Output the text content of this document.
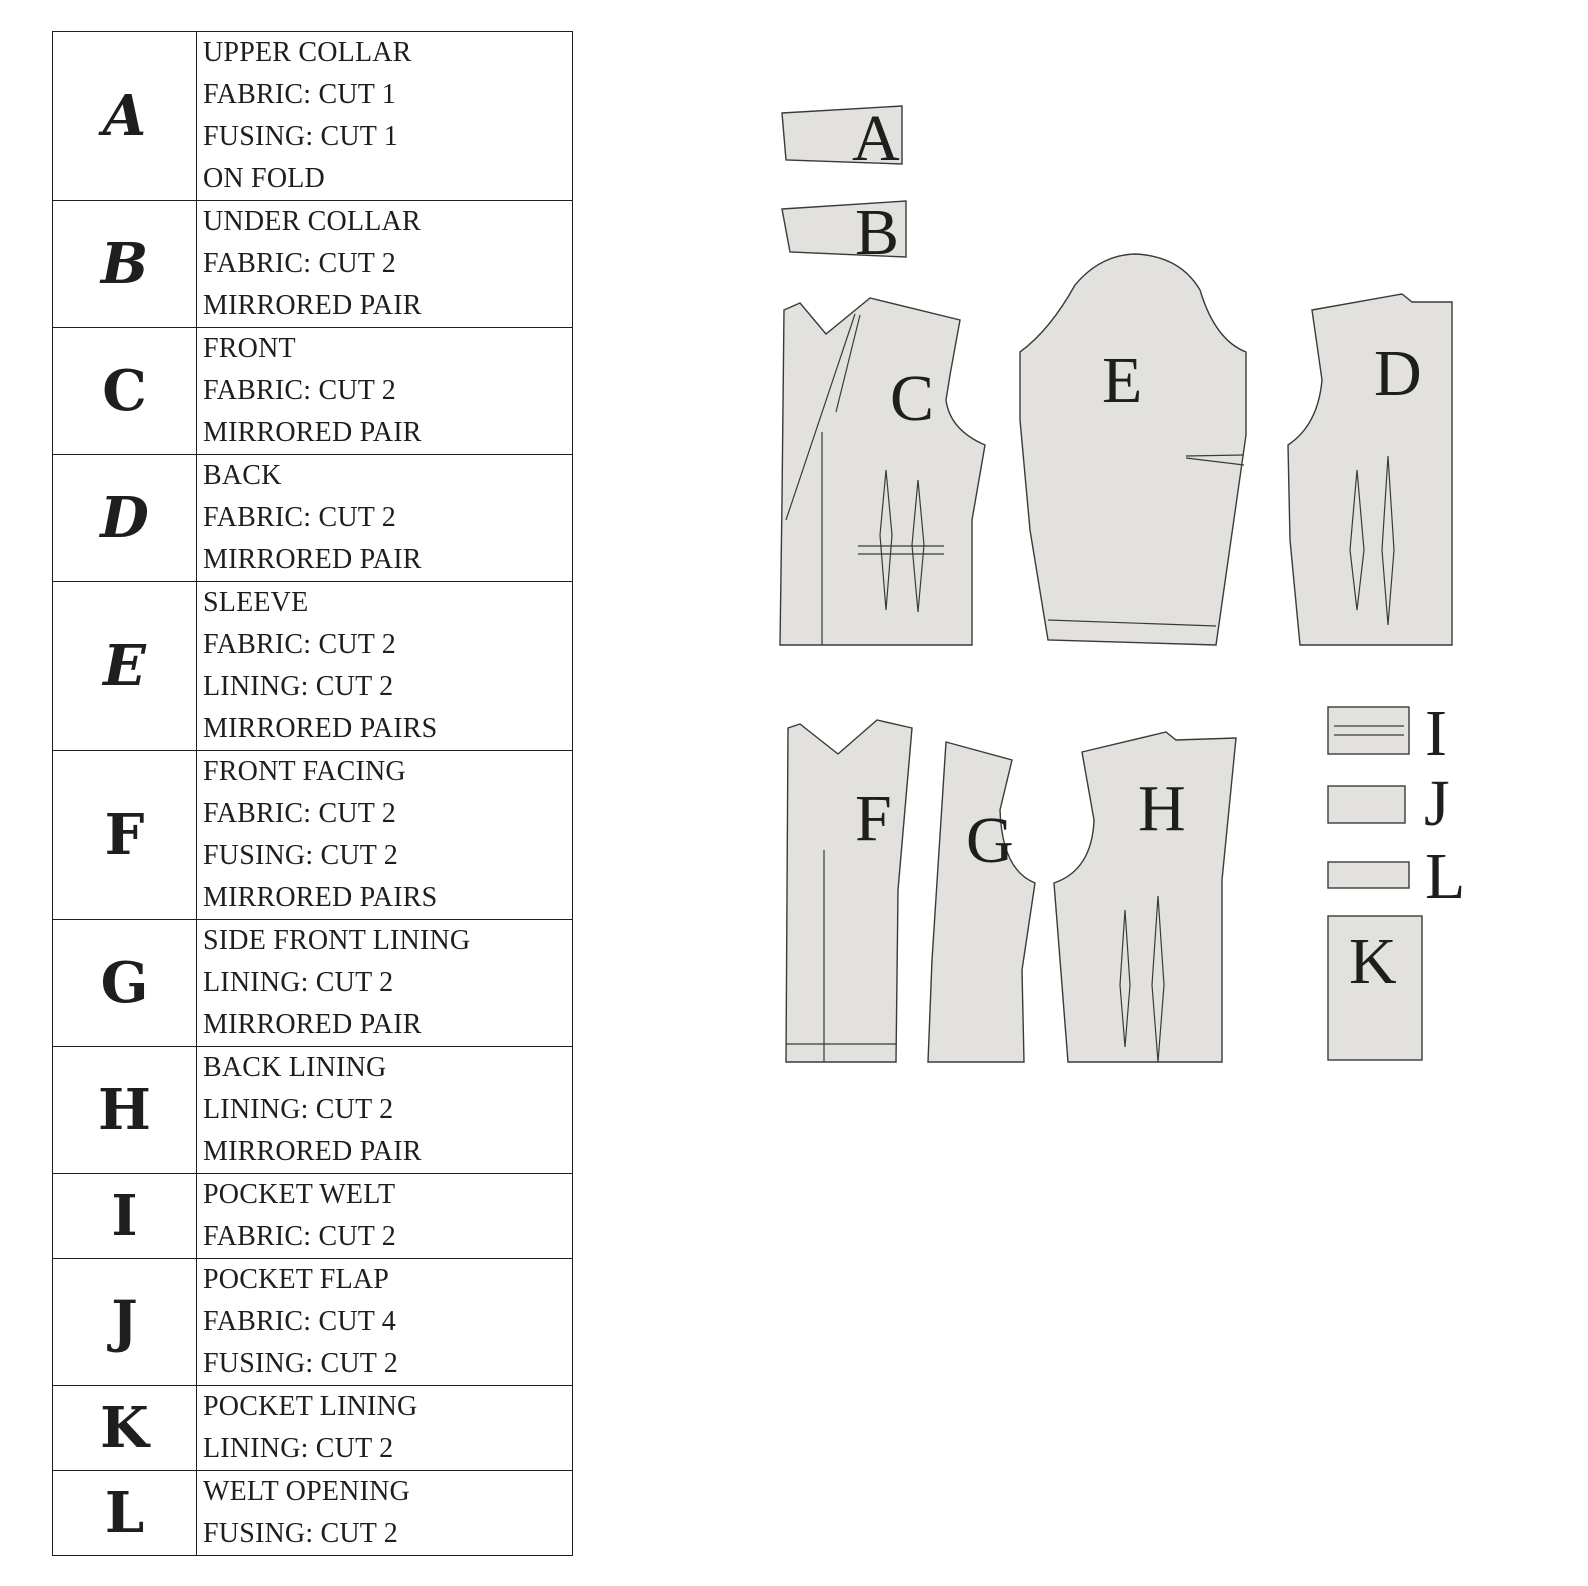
A	UPPER COLLAR
FABRIC: CUT 1
FUSING: CUT 1
ON FOLD

B	UNDER COLLAR
FABRIC: CUT 2
MIRRORED PAIR

C	FRONT
FABRIC: CUT 2
MIRRORED PAIR

D	BACK
FABRIC: CUT 2
MIRRORED PAIR

E	SLEEVE
FABRIC: CUT 2
LINING: CUT 2
MIRRORED PAIRS

F	FRONT FACING
FABRIC: CUT 2
FUSING: CUT 2
MIRRORED PAIRS

G	SIDE FRONT LINING
LINING: CUT 2
MIRRORED PAIR

H	BACK LINING
LINING: CUT 2
MIRRORED PAIR

I	POCKET WELT
FABRIC: CUT 2

J	POCKET FLAP
FABRIC: CUT 4
FUSING: CUT 2

K	POCKET LINING
LINING: CUT 2

L	WELT OPENING
FUSING: CUT 2
A
B
C	E	D
F G H
I
J
L
K
